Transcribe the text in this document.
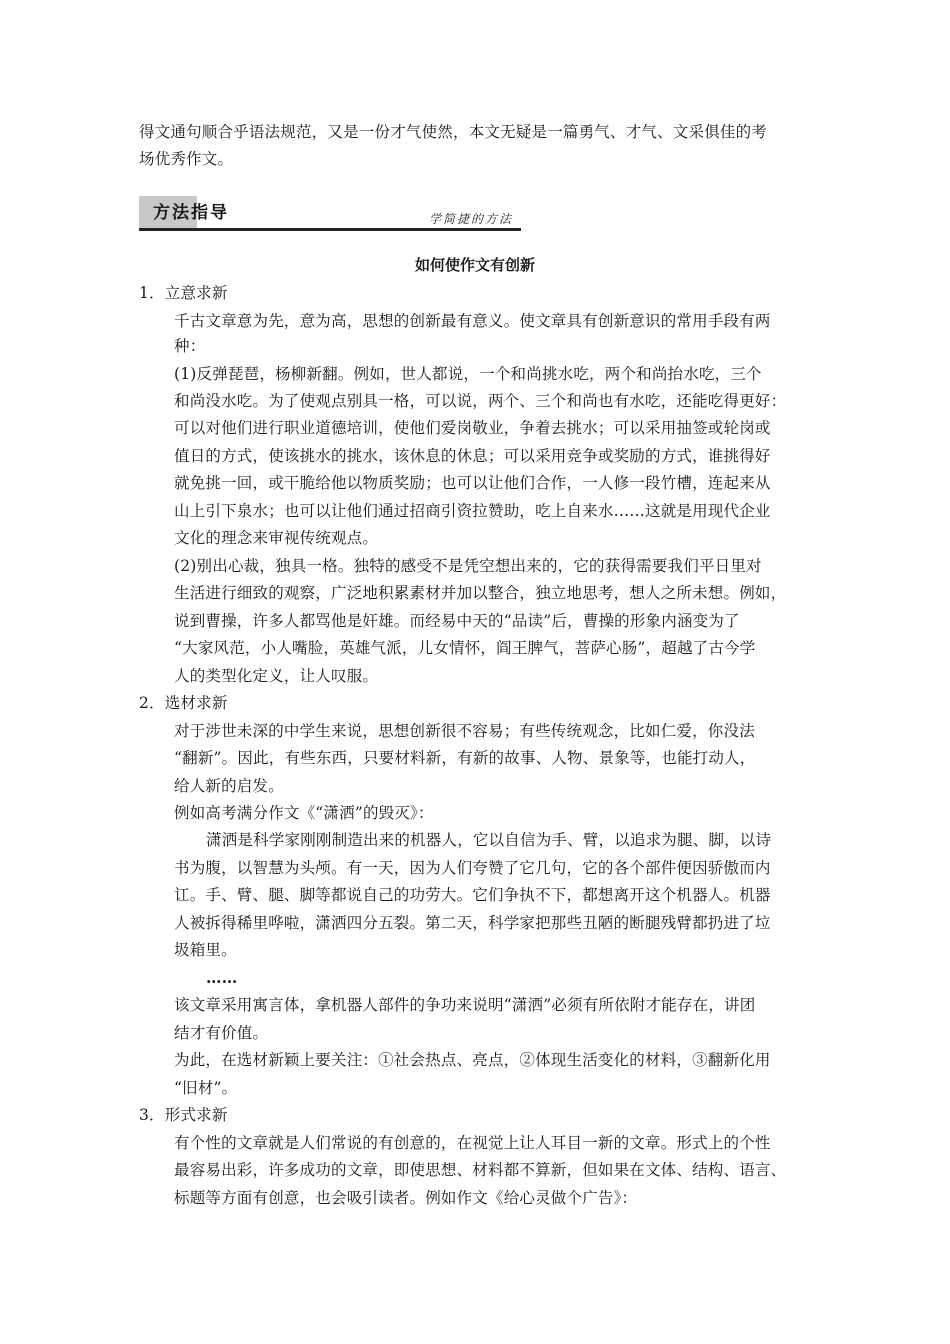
得文通句顺合乎语法规范，又是一份才气使然，本文无疑是一篇勇气、才气、文采俱佳的考
场优秀作文。
方法指导	学简捷的方法
如何使作文有创新
1．立意求新
千古文章意为先，意为高，思想的创新最有意义。使文章具有创新意识的常用手段有两
种：
(1)反弹琵琶，杨柳新翻。例如，世人都说，一个和尚挑水吃，两个和尚抬水吃，三个
和尚没水吃。为了使观点别具一格，可以说，两个、三个和尚也有水吃，还能吃得更好：
可以对他们进行职业道德培训，使他们爱岗敬业，争着去挑水；可以采用抽签或轮岗或
值日的方式，使该挑水的挑水，该休息的休息；可以采用竞争或奖励的方式，谁挑得好
就免挑一回，或干脆给他以物质奖励；也可以让他们合作，一人修一段竹槽，连起来从
山上引下泉水；也可以让他们通过招商引资拉赞助，吃上自来水……这就是用现代企业
文化的理念来审视传统观点。
(2)别出心裁，独具一格。独特的感受不是凭空想出来的，它的获得需要我们平日里对
生活进行细致的观察，广泛地积累素材并加以整合，独立地思考，想人之所未想。例如，
说到曹操，许多人都骂他是奸雄。而经易中天的“品读”后，曹操的形象内涵变为了
“大家风范，小人嘴脸，英雄气派，儿女情怀，阎王脾气，菩萨心肠”，超越了古今学
人的类型化定义，让人叹服。
2．选材求新
对于涉世未深的中学生来说，思想创新很不容易；有些传统观念，比如仁爱，你没法
“翻新”。因此，有些东西，只要材料新，有新的故事、人物、景象等，也能打动人，
给人新的启发。
例如高考满分作文《“潇洒”的毁灭》：
潇洒是科学家刚刚制造出来的机器人，它以自信为手、臂，以追求为腿、脚，以诗
书为腹，以智慧为头颅。有一天，因为人们夸赞了它几句，它的各个部件便因骄傲而内
讧。手、臂、腿、脚等都说自己的功劳大。它们争执不下，都想离开这个机器人。机器
人被拆得稀里哗啦，潇洒四分五裂。第二天，科学家把那些丑陋的断腿残臂都扔进了垃
圾箱里。
……
该文章采用寓言体，拿机器人部件的争功来说明“潇洒”必须有所依附才能存在，讲团
结才有价值。
为此，在选材新颖上要关注：①社会热点、亮点，②体现生活变化的材料，③翻新化用
“旧材”。
3．形式求新
有个性的文章就是人们常说的有创意的，在视觉上让人耳目一新的文章。形式上的个性
最容易出彩，许多成功的文章，即使思想、材料都不算新，但如果在文体、结构、语言、
标题等方面有创意，也会吸引读者。例如作文《给心灵做个广告》：
